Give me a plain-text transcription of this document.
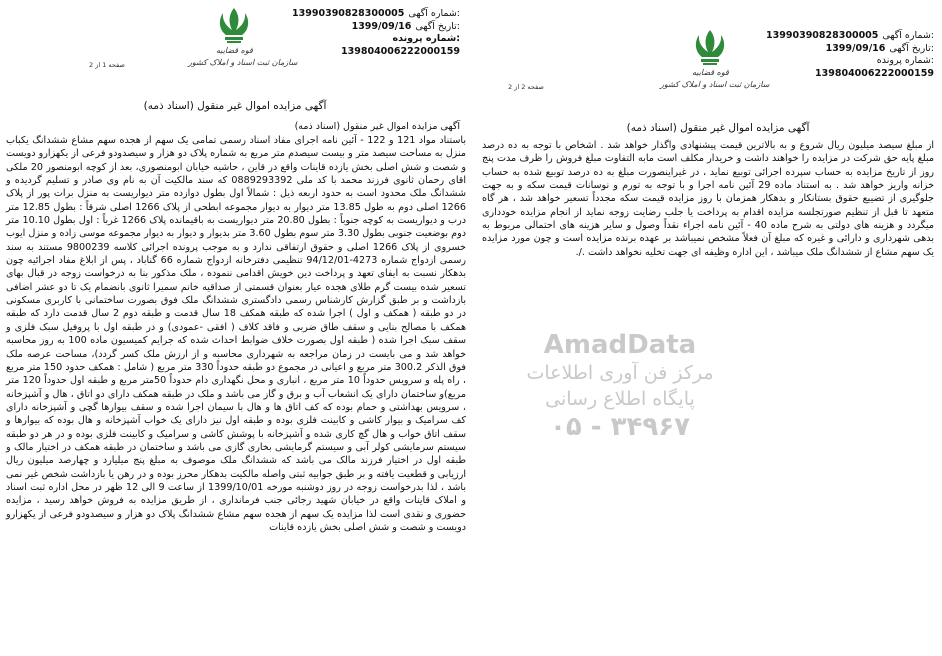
13990390828300005 شماره آگهی:
1399/09/16 تاریخ آگهی:
شماره پرونده:
139804006222000159
قوه قضاییه
سازمان ثبت اسناد و املاک کشور
صفحه 1 از 2
آگهی مزایده اموال غیر منقول (اسناد ذمه)
آگهی مزایده اموال غیر منقول (اسناد ذمه)
باستناد مواد 121 و 122 - آئین نامه اجرای مفاد اسناد رسمی تمامی یک سهم از هجده سهم مشاع ششدانگ یکباب منزل به مساحت سیصد متر و بیست سیصدم متر مربع به شماره پلاک دو هزار و سیصدودو فرعی از یکهزارو دویست و شصت و شش اصلی بخش یازده قاینات واقع در قاین ، حاشیه خیابان ابومنصوری، بعد از کوچه ابومنصور 20 ملکی اقای رحمان ثانوی فرزند محمد با کد ملی 0889293392 که سند مالکیت آن به نام وی صادر و تسلیم گردیده و ششدانگ ملک محدود است به حدود اربعه ذیل : شمالاً اول بطول دوازده متر دیواریست به منزل برات پور از پلاک 1266 اصلی دوم به طول 13.85 متر دیوار به دیوار مجموعه ابطحی از پلاک 1266 اصلی شرقاً : بطول 12.85 متر درب و دیواریست به کوچه جنوباً : بطول 20.80 متر دیواریست به باقیمانده پلاک 1266 غرباً : اول بطول 10.10 متر دوم بوضعیت جنوبی بطول 3.30 متر سوم بطول 3.60 متر بدیوار و دیوار به دیوار مجموعه موسی زاده و منزل ایوب خسروی از پلاک 1266 اصلی و حقوق ارتفاقی ندارد و به موجب پرونده اجرائی کلاسه 9800239 مستند به سند رسمی ازدواج شماره 4273-94/12/01 تنظیمی دفترخانه ازدواج شماره 66 گناباد ، پس از ابلاغ مفاد اجرائیه چون بدهکار نسبت به ایفای تعهد و پرداخت دین خویش اقدامی ننموده ، ملک مذکور بنا به درخواست زوجه در قبال بهای تسعیر شده بیست گرم طلای هجده عیار بعنوان قسمتی از صداقیه خانم سمیرا ثانوی بانضمام یک تا دو عشر اضافی بازداشت و بر طبق گزارش کارشناس رسمی دادگستری ششدانگ ملک فوق بصورت ساختمانی با کاربری مسکونی در دو طبقه ( همکف و اول ) اجرا شده که طبقه همکف 18 سال قدمت و طبقه دوم 2 سال قدمت دارد که طبقه همکف با مصالح بنایی و سقف طاق ضربی و فاقد کلاف ( افقی -عمودی) و در طبقه اول با پروفیل سبک فلزی و سقف سبک اجرا شده ( طبقه اول بصورت خلاف ضوابط احداث شده که جرایم کمیسیون ماده 100 به روز محاسبه خواهد شد و می بایست در زمان مراجعه به شهرداری محاسبه و از ارزش ملک کسر گردد)، مساحت عرصه ملک فوق الذکر 300.2 متر مربع و اعیانی در مجموع دو طبقه حدوداً 330 متر مربع ( شامل : همکف حدود 150 متر مربع ، راه پله و سرویس حدوداً 10 متر مربع ، انباری و محل نگهداری دام حدوداً 50متر مربع و طبقه اول حدوداً 120 متر مربع)و ساختمان دارای یک انشعاب آب و برق و گاز می باشد و ملک در طبقه همکف دارای دو اتاق ، هال و آشپزخانه ، سرویس بهداشتی و حمام بوده که کف اتاق ها و هال با سیمان اجرا شده و سقف بیوارها گچی و آشپزخانه دارای کف سرامیک و بیوار کاشی و کابینت فلزی بوده و طبقه اول نیز دارای یک خواب آشپزخانه و هال بوده که بیوارها و سقف اتاق خواب و هال گچ کاری شده و آشپزخانه با پوشش کاشی و سرامیک و کابینت فلزی بوده و در هر دو طبقه سیستم سرمایشی کولر آبی و سیستم گرمایشی بخاری گازی می باشد و ساختمان در طبقه همکف در اختیار مالک و طبقه اول در اختیار فرزند مالک می باشد که ششدانگ ملک موصوف به مبلغ پنج میلیارد و چهارصد میلیون ریال ارزیابی و قطعیت یافته و بر طبق جوابیه ثبتی واصله مالکیت بدهکار محرز بوده و در رهن یا بازداشت شخص غیر نمی باشد ، لذا بدرخواست زوجه در روز دوشنبه مورخه 1399/10/01 از ساعت 9 الی 12 ظهر در محل اداره ثبت اسناد و املاک قاینات واقع در خیابان شهید رجائی جنب فرمانداری ، از طریق مزایده به فروش خواهد رسید ، مزایده حضوری و نقدی است لذا مزایده یک سهم از هجده سهم مشاع ششدانگ پلاک دو هزار و سیصدودو فرعی از یکهزارو دویست و شصت و شش اصلی بخش یازده قاینات
13990390828300005 شماره آگهی:
1399/09/16 تاریخ آگهی:
شماره پرونده:
139804006222000159
قوه قضاییه
سازمان ثبت اسناد و املاک کشور
صفحه 2 از 2
آگهی مزایده اموال غیر منقول (اسناد ذمه)
از مبلغ سیصد میلیون ریال شروع و به بالاترین قیمت پیشنهادی واگذار خواهد شد . اشخاص با توجه به ده درصد مبلغ پایه حق شرکت در مزایده را خواهند داشت و خریدار مکلف است مابه التفاوت مبلغ فروش را ظرف مدت پنج روز از تاریخ مزایده به حساب سپرده اجرائی توبیع نماید ، در غیراینصورت مبلغ به ده درصد توبیع شده به حساب خزانه واریز خواهد شد . به استناد ماده 29 آئین نامه اجرا و با توجه به تورم و نوسانات قیمت سکه و به جهت جلوگیری از تضییع حقوق بستانکار و بدهکار همزمان با روز مزایده قیمت سکه مجدداً تسعیر خواهد شد ، هر گاه متعهد تا قبل از تنظیم صورتجلسه مزایده اقدام به پرداخت یا جلب رضایت زوجه نماید از انجام مزایده خودداری میگردد و هزینه های دولتی به شرح ماده 40 - آئین نامه اجراء نقداً وصول و سایر هزینه های احتمالی مربوط به بدهی شهرداری و دارائی و غیره که مبلغ آن فعلاً مشخص نمیباشد بر عهده برنده مزایده است و چون مورد مزایده یک سهم مشاع از ششدانگ ملک میباشد ، این اداره وظیفه ای جهت تخلیه نخواهد داشت ./.
AmadData
مرکز فن آوری اطلاعات
پایگاه اطلاع رسانی
۰۵ - ۳۴۹۶۷
